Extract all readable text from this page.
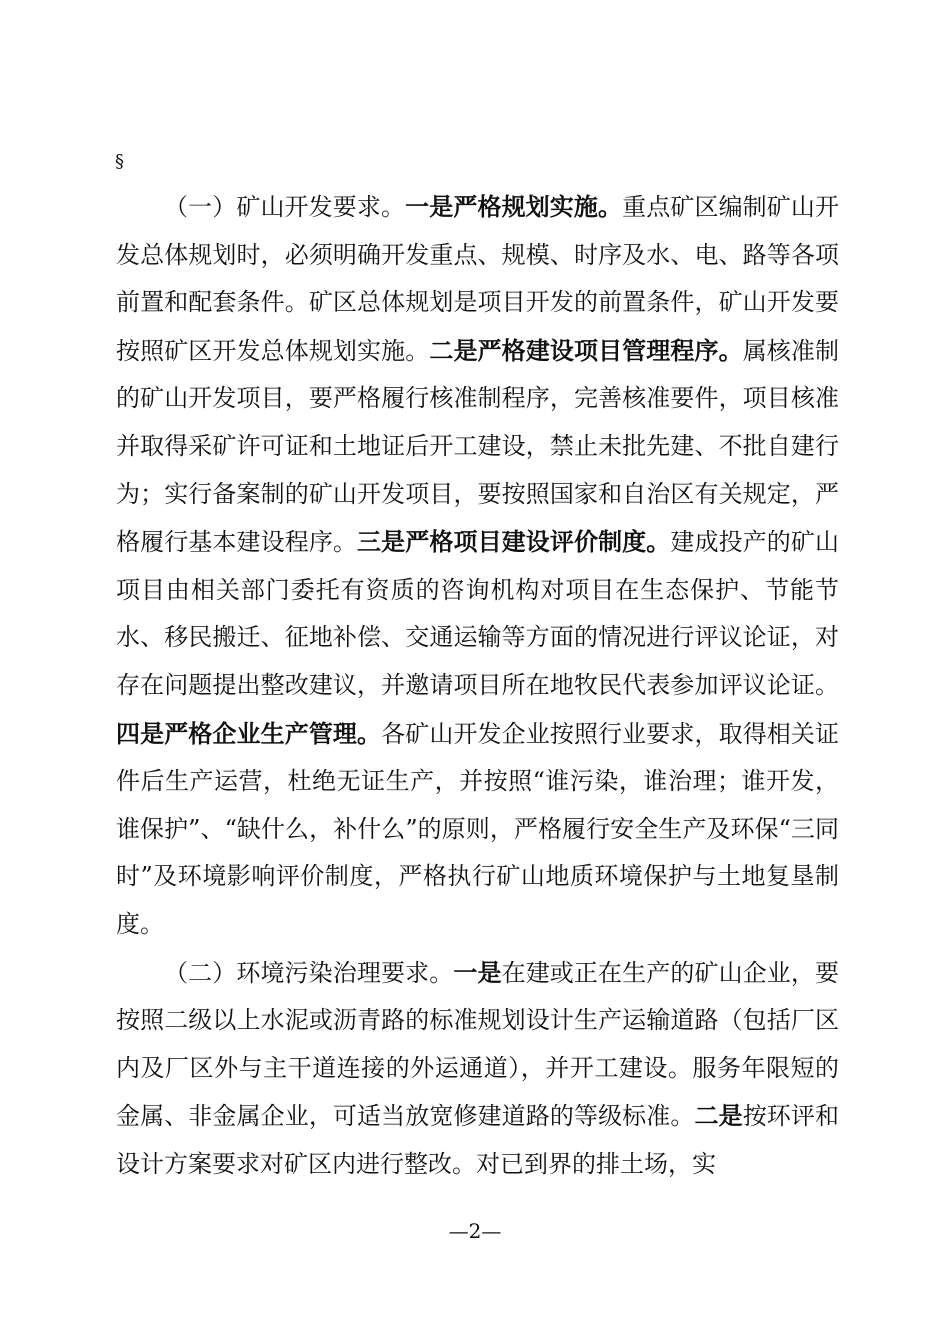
§

（一）矿山开发要求。一是严格规划实施。重点矿区编制矿山开发总体规划时，必须明确开发重点、规模、时序及水、电、路等各项前置和配套条件。矿区总体规划是项目开发的前置条件，矿山开发要按照矿区开发总体规划实施。二是严格建设项目管理程序。属核准制的矿山开发项目，要严格履行核准制程序，完善核准要件，项目核准并取得采矿许可证和土地证后开工建设，禁止未批先建、不批自建行为；实行备案制的矿山开发项目，要按照国家和自治区有关规定，严格履行基本建设程序。三是严格项目建设评价制度。建成投产的矿山项目由相关部门委托有资质的咨询机构对项目在生态保护、节能节水、移民搬迁、征地补偿、交通运输等方面的情况进行评议论证，对存在问题提出整改建议，并邀请项目所在地牧民代表参加评议论证。四是严格企业生产管理。各矿山开发企业按照行业要求，取得相关证件后生产运营，杜绝无证生产，并按照“谁污染，谁治理；谁开发，谁保护”、“缺什么，补什么”的原则，严格履行安全生产及环保“三同时”及环境影响评价制度，严格执行矿山地质环境保护与土地复垦制度。

（二）环境污染治理要求。一是在建或正在生产的矿山企业，要按照二级以上水泥或沥青路的标准规划设计生产运输道路（包括厂区内及厂区外与主干道连接的外运通道），并开工建设。服务年限短的金属、非金属企业，可适当放宽修建道路的等级标准。二是按环评和设计方案要求对矿区内进行整改。对已到界的排土场，实

—2—
